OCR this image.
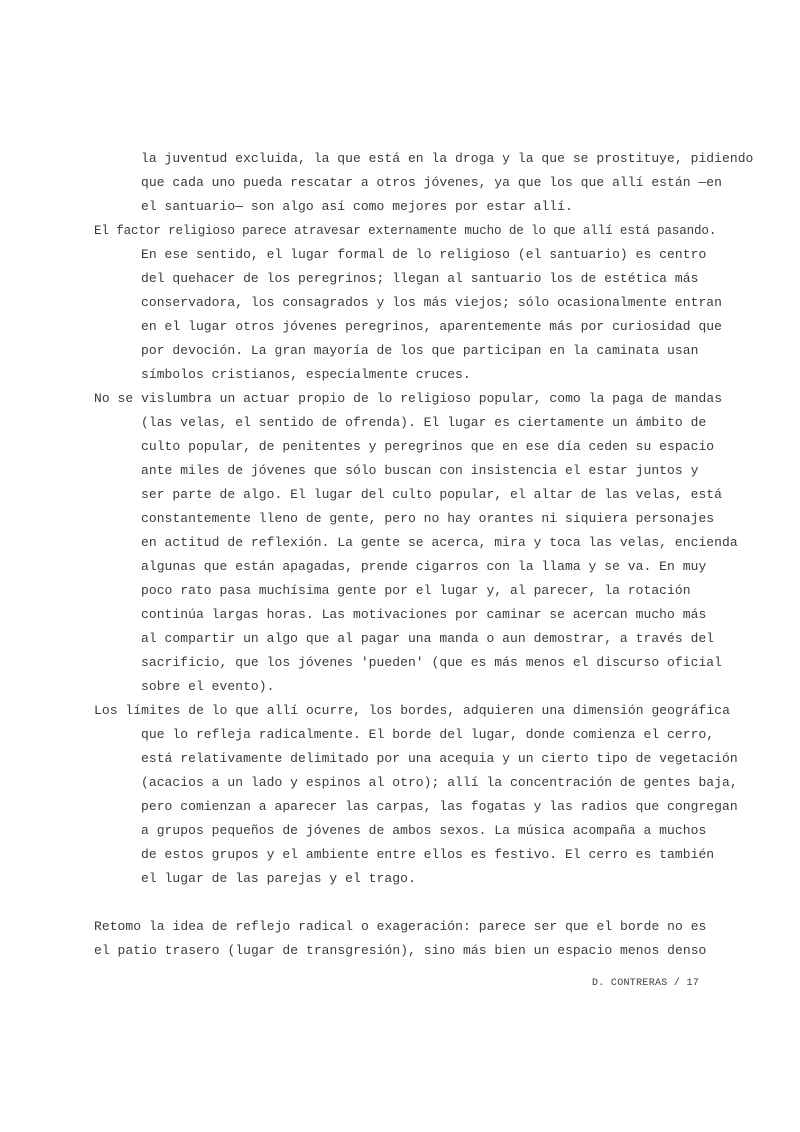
la juventud excluida, la que está en la droga y la que se prostituye, pidiendo
que cada uno pueda rescatar a otros jóvenes, ya que los que allí están —en
el santuario— son algo así como mejores por estar allí.
El factor religioso parece atravesar externamente mucho de lo que allí está pasando.
En ese sentido, el lugar formal de lo religioso (el santuario) es centro
del quehacer de los peregrinos; llegan al santuario los de estética más
conservadora, los consagrados y los más viejos; sólo ocasionalmente entran
en el lugar otros jóvenes peregrinos, aparentemente más por curiosidad que
por devoción. La gran mayoría de los que participan en la caminata usan
símbolos cristianos, especialmente cruces.
No se vislumbra un actuar propio de lo religioso popular, como la paga de mandas
(las velas, el sentido de ofrenda). El lugar es ciertamente un ámbito de
culto popular, de penitentes y peregrinos que en ese día ceden su espacio
ante miles de jóvenes que sólo buscan con insistencia el estar juntos y
ser parte de algo. El lugar del culto popular, el altar de las velas, está
constantemente lleno de gente, pero no hay orantes ni siquiera personajes
en actitud de reflexión. La gente se acerca, mira y toca las velas, encienda
algunas que están apagadas, prende cigarros con la llama y se va. En muy
poco rato pasa muchísima gente por el lugar y, al parecer, la rotación
continúa largas horas. Las motivaciones por caminar se acercan mucho más
al compartir un algo que al pagar una manda o aun demostrar, a través del
sacrificio, que los jóvenes 'pueden' (que es más menos el discurso oficial
sobre el evento).
Los límites de lo que allí ocurre, los bordes, adquieren una dimensión geográfica
que lo refleja radicalmente. El borde del lugar, donde comienza el cerro,
está relativamente delimitado por una acequia y un cierto tipo de vegetación
(acacios a un lado y espinos al otro); allí la concentración de gentes baja,
pero comienzan a aparecer las carpas, las fogatas y las radios que congregan
a grupos pequeños de jóvenes de ambos sexos. La música acompaña a muchos
de estos grupos y el ambiente entre ellos es festivo. El cerro es también
el lugar de las parejas y el trago.
Retomo la idea de reflejo radical o exageración: parece ser que el borde no es
el patio trasero (lugar de transgresión), sino más bien un espacio menos denso
D. CONTRERAS / 17
